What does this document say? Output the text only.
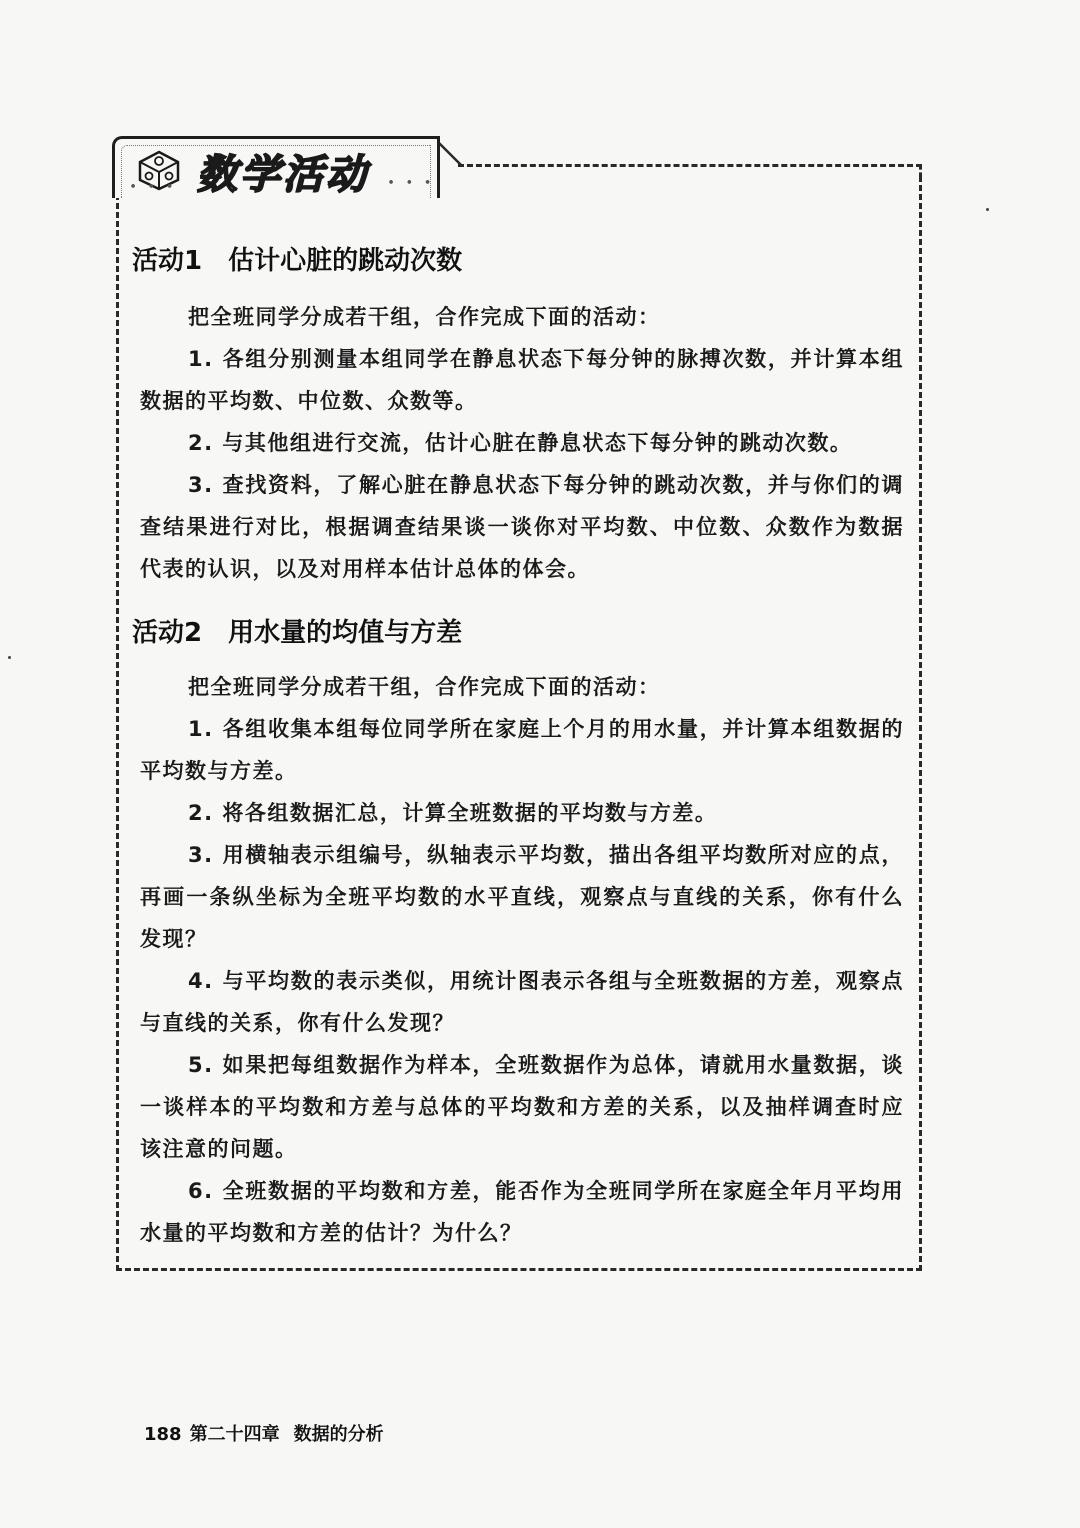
数学活动
∙ ∙ ∙	∙ ∙ ∙
活动1 估计心脏的跳动次数

把全班同学分成若干组，合作完成下面的活动：

1. 各组分别测量本组同学在静息状态下每分钟的脉搏次数，并计算本组数据的平均数、中位数、众数等。

2. 与其他组进行交流，估计心脏在静息状态下每分钟的跳动次数。

3. 查找资料，了解心脏在静息状态下每分钟的跳动次数，并与你们的调查结果进行对比，根据调查结果谈一谈你对平均数、中位数、众数作为数据代表的认识，以及对用样本估计总体的体会。

活动2 用水量的均值与方差

把全班同学分成若干组，合作完成下面的活动：

1. 各组收集本组每位同学所在家庭上个月的用水量，并计算本组数据的平均数与方差。

2. 将各组数据汇总，计算全班数据的平均数与方差。

3. 用横轴表示组编号，纵轴表示平均数，描出各组平均数所对应的点，再画一条纵坐标为全班平均数的水平直线，观察点与直线的关系，你有什么发现？

4. 与平均数的表示类似，用统计图表示各组与全班数据的方差，观察点与直线的关系，你有什么发现？

5. 如果把每组数据作为样本，全班数据作为总体，请就用水量数据，谈一谈样本的平均数和方差与总体的平均数和方差的关系，以及抽样调查时应该注意的问题。

6. 全班数据的平均数和方差，能否作为全班同学所在家庭全年月平均用水量的平均数和方差的估计？为什么？

188 第二十四章 数据的分析
